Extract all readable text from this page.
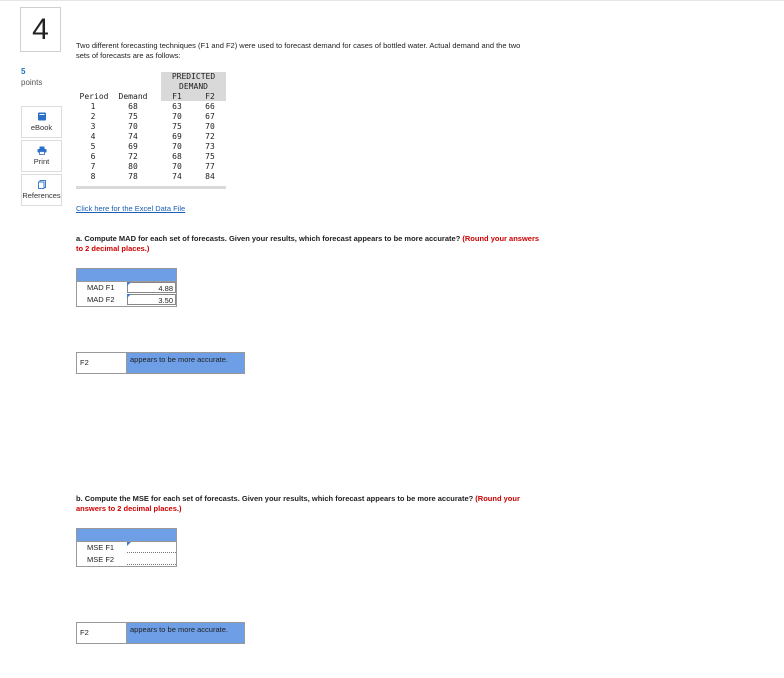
4
5
points
eBook
Print
References
Two different forecasting techniques (F1 and F2) were used to forecast demand for cases of bottled water. Actual demand and the two sets of forecasts are as follows:
PREDICTED
DEMAND
Period	Demand	F1	F2
1	68	63	66
2	75	70	67
3	70	75	70
4	74	69	72
5	69	70	73
6	72	68	75
7	80	70	77
8	78	74	84
Click here for the Excel Data File
a. Compute MAD for each set of forecasts. Given your results, which forecast appears to be more accurate? (Round your answers to 2 decimal places.)
MAD F1	4.88
MAD F2	3.50
F2	appears to be more accurate.
b. Compute the MSE for each set of forecasts. Given your results, which forecast appears to be more accurate? (Round your answers to 2 decimal places.)
MSE F1
MSE F2
F2	appears to be more accurate.
